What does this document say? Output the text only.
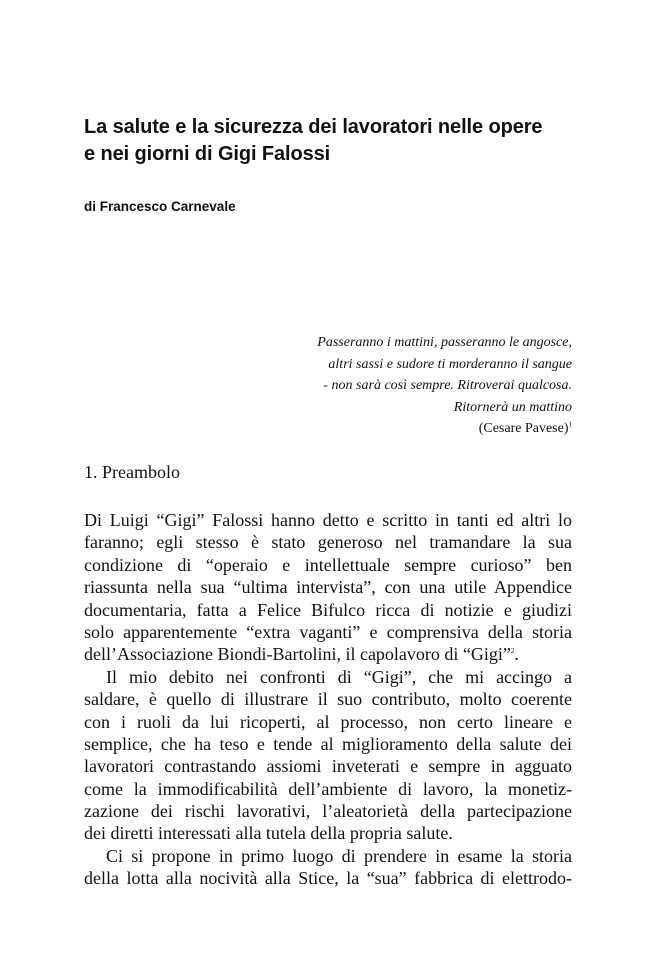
La salute e la sicurezza dei lavoratori nelle opere
e nei giorni di Gigi Falossi

di Francesco Carnevale

Passeranno i mattini, passeranno le angosce,
altri sassi e sudore ti morderanno il sangue
- non sarà così sempre. Ritroverai qualcosa.
Ritornerà un mattino
(Cesare Pavese)$^1$
1. Preambolo
Di Luigi “Gigi” Falossi hanno detto e scritto in tanti ed altri lo
faranno; egli stesso è stato generoso nel tramandare la sua
condizione di “operaio e intellettuale sempre curioso” ben
riassunta nella sua “ultima intervista”, con una utile Appendice
documentaria, fatta a Felice Bifulco ricca di notizie e giudizi
solo apparentemente “extra vaganti” e comprensiva della storia
dell’Associazione Biondi-Bartolini, il capolavoro di “Gigi”$^2$.
Il mio debito nei confronti di “Gigi”, che mi accingo a
saldare, è quello di illustrare il suo contributo, molto coerente
con i ruoli da lui ricoperti, al processo, non certo lineare e
semplice, che ha teso e tende al miglioramento della salute dei
lavoratori contrastando assiomi inveterati e sempre in agguato
come la immodificabilità dell’ambiente di lavoro, la monetiz-
zazione dei rischi lavorativi, l’aleatorietà della partecipazione
dei diretti interessati alla tutela della propria salute.
Ci si propone in primo luogo di prendere in esame la storia
della lotta alla nocività alla Stice, la “sua” fabbrica di elettrodo-
